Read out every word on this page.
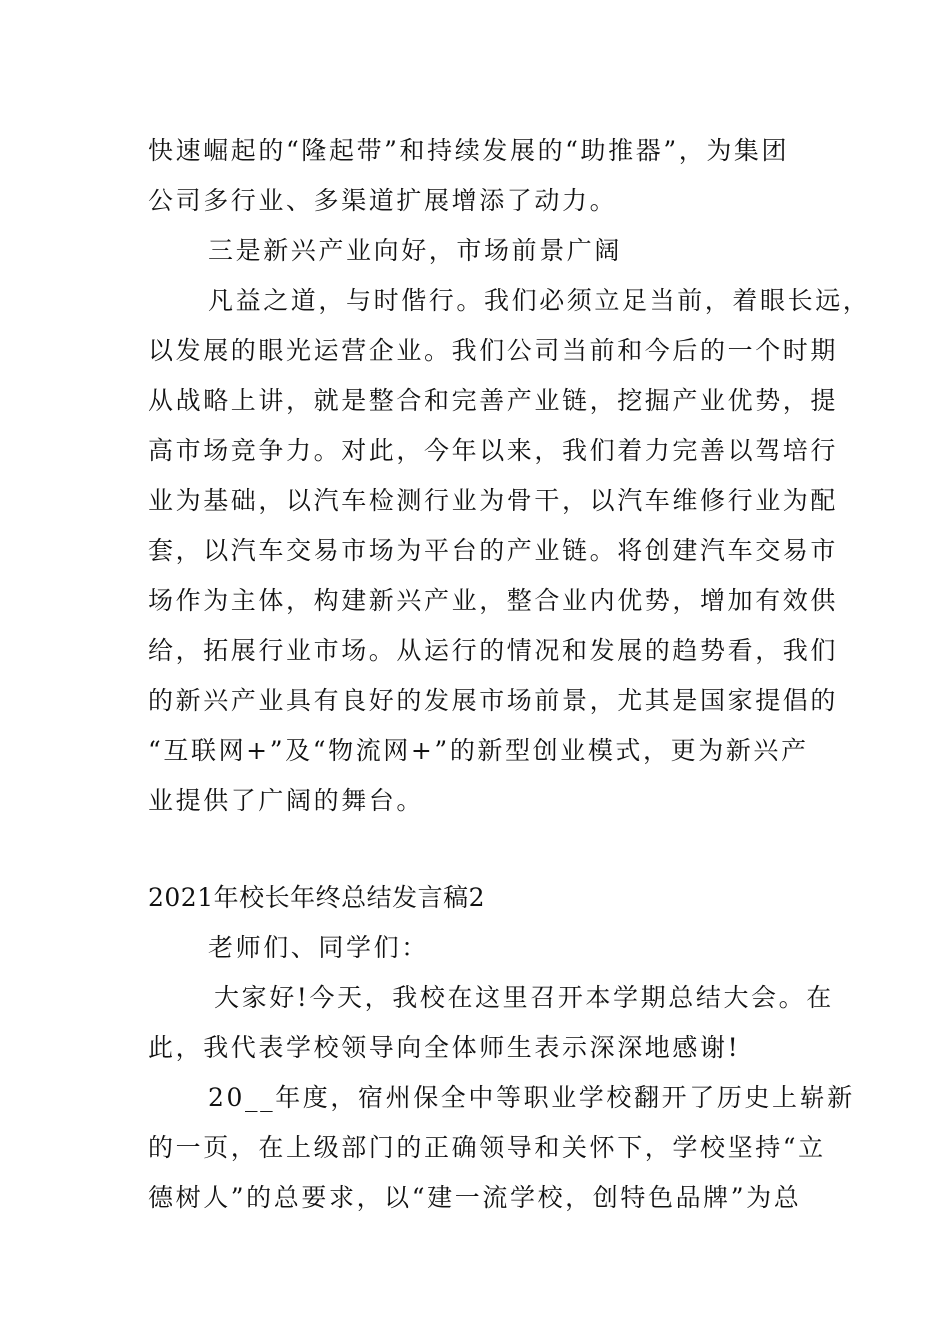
快速崛起的“隆起带”和持续发展的“助推器”，为集团
公司多行业、多渠道扩展增添了动力。
三是新兴产业向好，市场前景广阔
凡益之道，与时偕行。我们必须立足当前，着眼长远，
以发展的眼光运营企业。我们公司当前和今后的一个时期
从战略上讲，就是整合和完善产业链，挖掘产业优势，提
高市场竞争力。对此，今年以来，我们着力完善以驾培行
业为基础，以汽车检测行业为骨干，以汽车维修行业为配
套，以汽车交易市场为平台的产业链。将创建汽车交易市
场作为主体，构建新兴产业，整合业内优势，增加有效供
给，拓展行业市场。从运行的情况和发展的趋势看，我们
的新兴产业具有良好的发展市场前景，尤其是国家提倡的
“互联网+”及“物流网+”的新型创业模式，更为新兴产
业提供了广阔的舞台。
2021年校长年终总结发言稿2
老师们、同学们：
大家好!今天，我校在这里召开本学期总结大会。在
此，我代表学校领导向全体师生表示深深地感谢!
20__年度，宿州保全中等职业学校翻开了历史上崭新
的一页，在上级部门的正确领导和关怀下，学校坚持“立
德树人”的总要求，以“建一流学校，创特色品牌”为总
